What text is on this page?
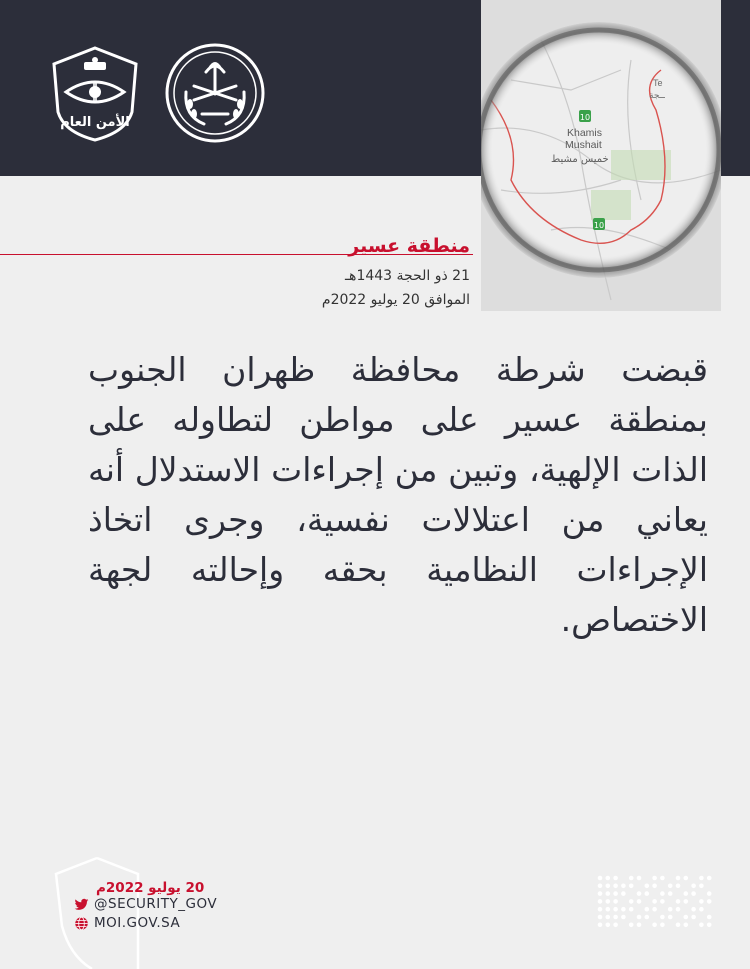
الأمن العام
منطقة عسير
21 ذو الحجة 1443هـ
الموافق 20 يوليو 2022م
قبضت شرطة محافظة ظهران الجنوب بمنطقة عسير على مواطن لتطاوله على الذات الإلهية، وتبين من إجراءات الاستدلال أنه يعاني من اعتلالات نفسية، وجرى اتخاذ الإجراءات النظامية بحقه وإحالته لجهة الاختصاص.
20 يوليو 2022م
@SECURITY_GOV
MOI.GOV.SA
